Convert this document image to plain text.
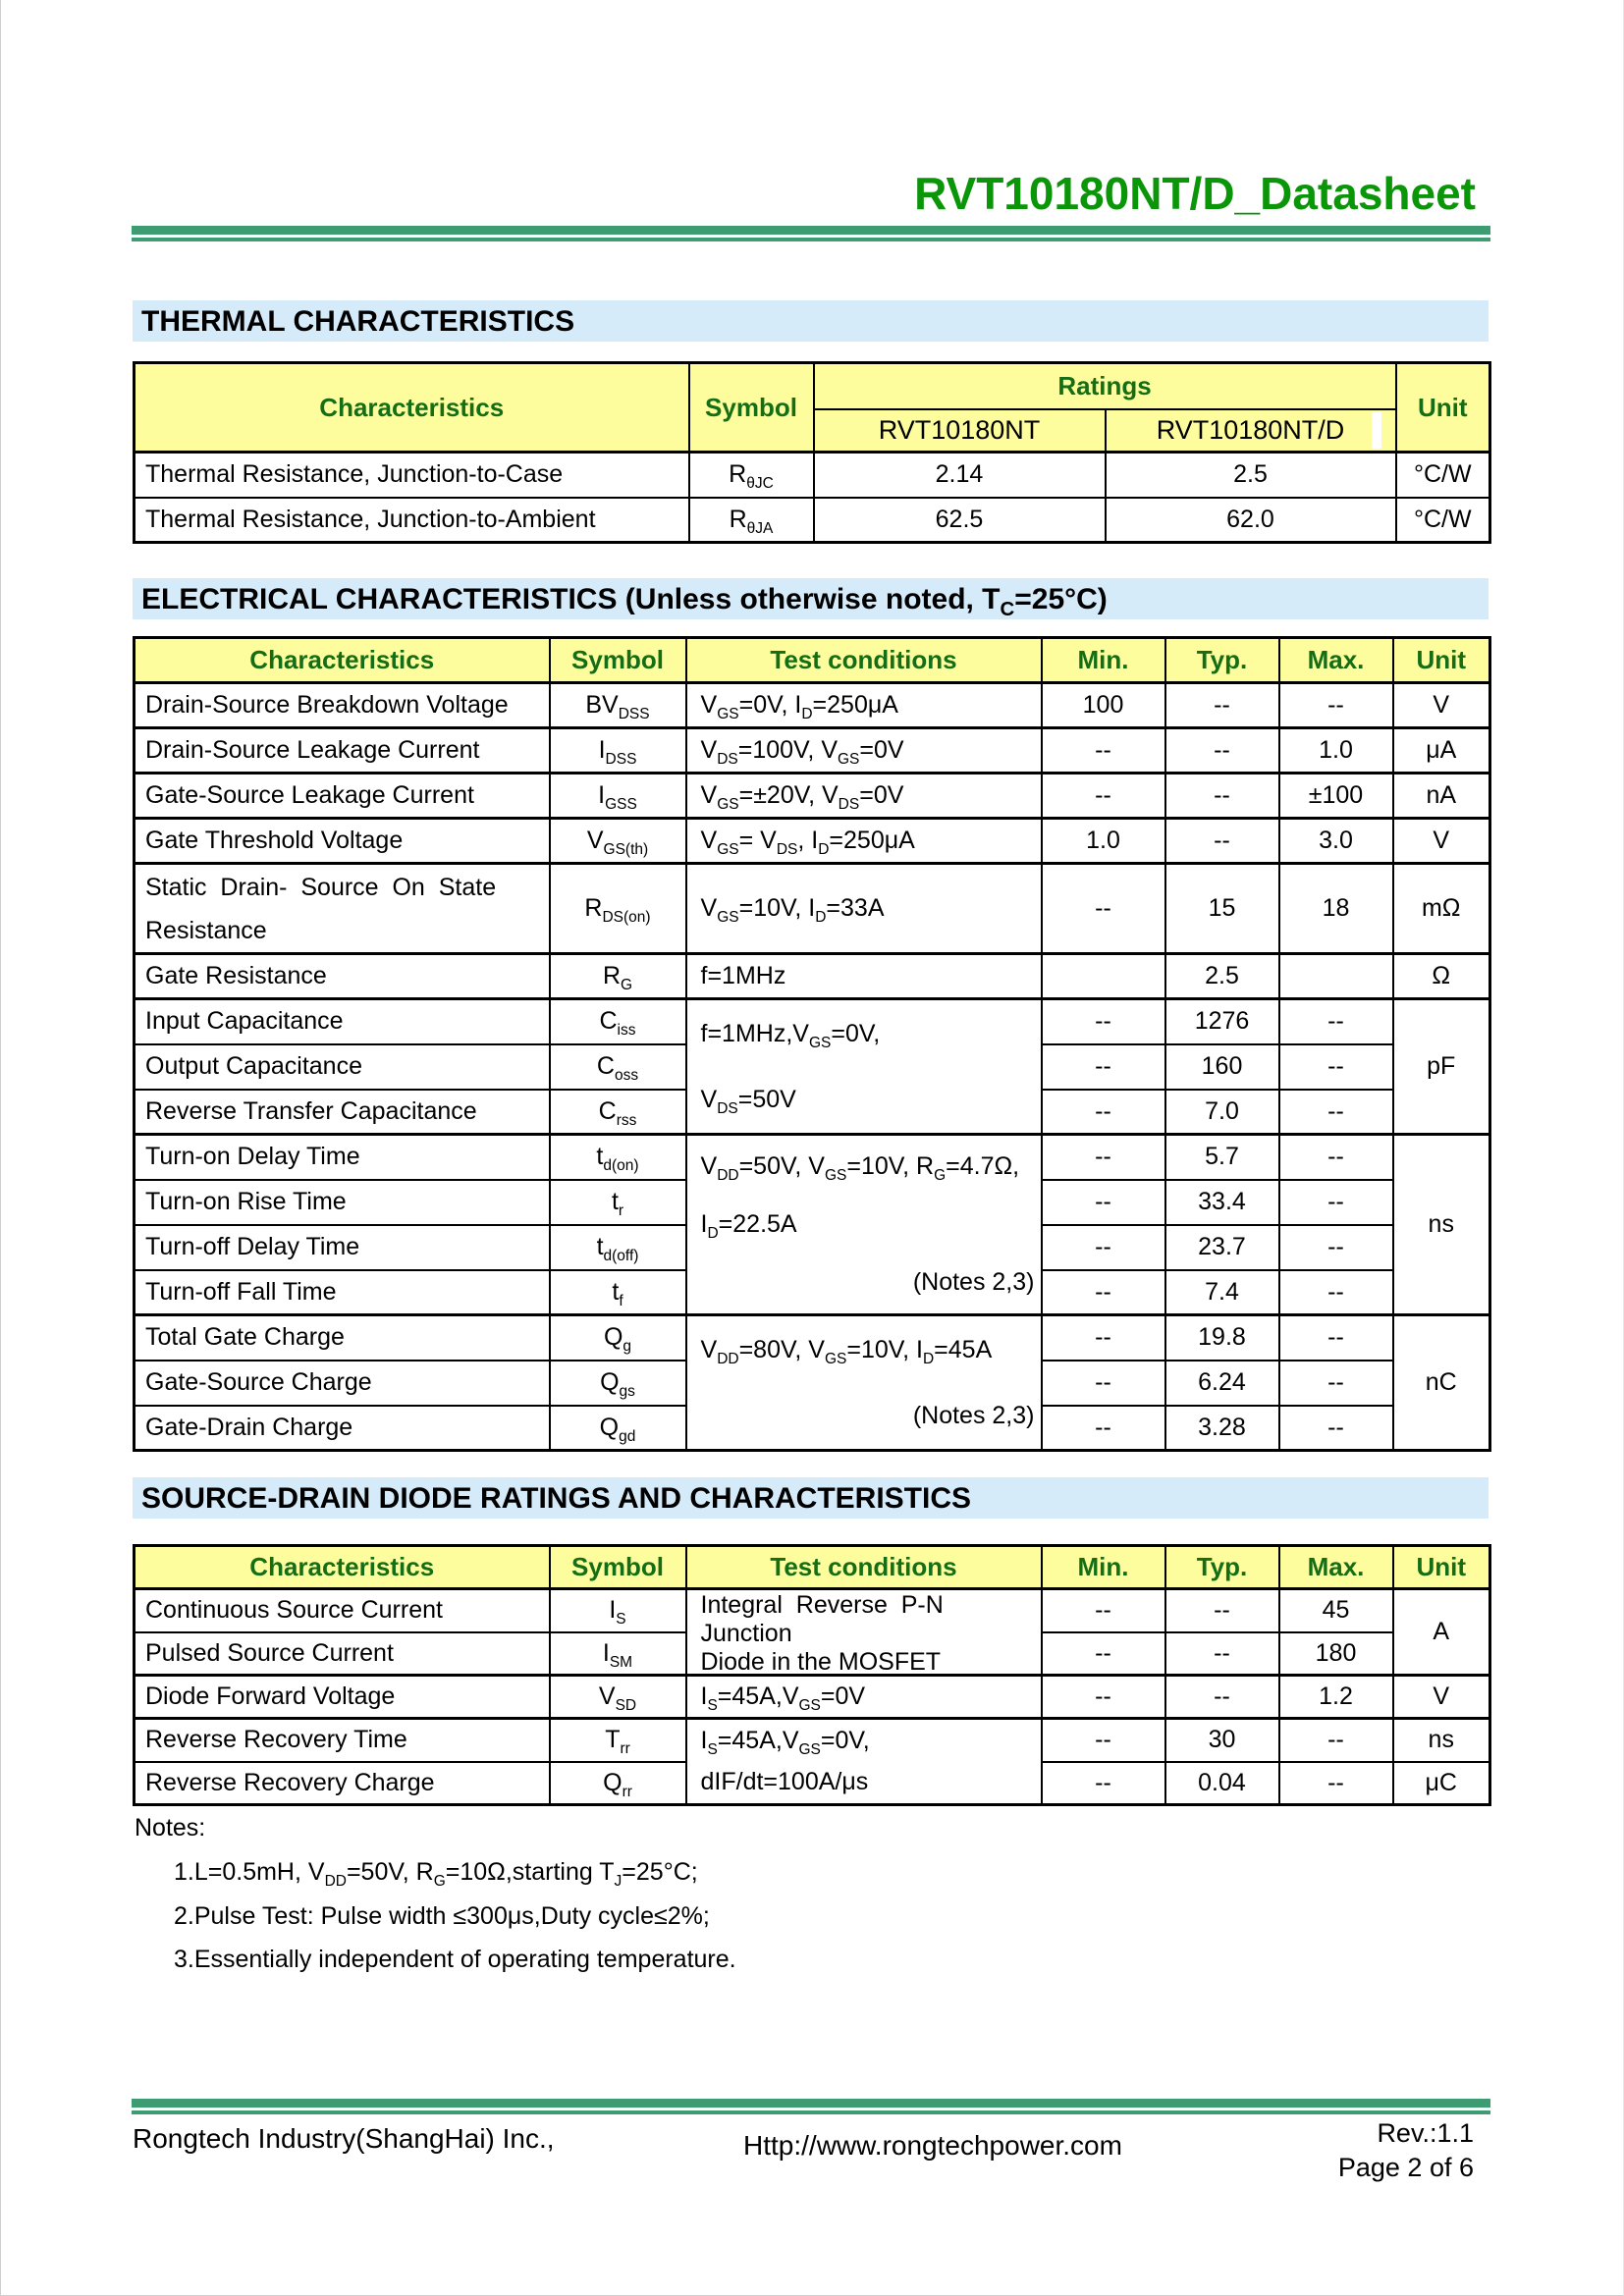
RVT10180NT/D_Datasheet
THERMAL CHARACTERISTICS
Characteristics	Symbol	Ratings		Unit
		RVT10180NT	RVT10180NT/D	

Thermal Resistance, Junction-to-Case	$R_{\theta JC}$	2.14	2.5	°C/W
Thermal Resistance, Junction-to-Ambient	$R_{\theta JA}$	62.5	62.0	°C/W
ELECTRICAL CHARACTERISTICS (Unless otherwise noted, $T_C=25^\circ C$)
Characteristics	Symbol	Test conditions	Min.	Typ.	Max.	Unit
Drain-Source Breakdown Voltage	$BV_{DSS}$	$V_{GS}=0V$, $I_D=250\mu A$	100	--	--	V
Drain-Source Leakage Current	$I_{DSS}$	$V_{DS}=100V$, $V_{GS}=0V$	--	--	1.0	μA
Gate-Source Leakage Current	$I_{GSS}$	$V_{GS}=\pm 20V$, $V_{DS}=0V$	--	--	±100	nA
Gate Threshold Voltage	$V_{GS(th)}$	$V_{GS}= V_{DS}$, $I_D=250\mu A$	1.0	--	3.0	V
Static  Drain-  Source  On  State
Resistance	$R_{DS(on)}$	$V_{GS}=10V$, $I_D=33A$	--	15	18	mΩ
Gate Resistance	$R_G$	f=1MHz		2.5		Ω
Input Capacitance	$C_{iss}$	$f=1MHz,V_{GS}=0V$,
$V_{DS}=50V$	--	1276	--	pF
Output Capacitance	$C_{oss}$		--	160	--	
Reverse Transfer Capacitance	$C_{rss}$		--	7.0	--	
Turn-on Delay Time	$t_{d(on)}$	$V_{DD}=50V$, $V_{GS}=10V$, $R_G=4.7\Omega$,
$I_D=22.5A$
(Notes 2,3)	--	5.7	--	ns
Turn-on Rise Time	$t_r$		--	33.4	--	
Turn-off Delay Time	$t_{d(off)}$		--	23.7	--	
Turn-off Fall Time	$t_f$		--	7.4	--	
Total Gate Charge	$Q_g$	$V_{DD}=80V$, $V_{GS}=10V$, $I_D=45A$
(Notes 2,3)	--	19.8	--	nC
Gate-Source Charge	$Q_{gs}$		--	6.24	--	
Gate-Drain Charge	$Q_{gd}$		--	3.28	--	
SOURCE-DRAIN DIODE RATINGS AND CHARACTERISTICS
Characteristics	Symbol	Test conditions	Min.	Typ.	Max.	Unit
Continuous Source Current	$I_S$	Integral  Reverse  P-N  Junction
Diode in the MOSFET	--	--	45	A
Pulsed Source Current	$I_{SM}$		--	--	180	
Diode Forward Voltage	$V_{SD}$	$I_S=45A,V_{GS}=0V$	--	--	1.2	V
Reverse Recovery Time	$T_{rr}$	$I_S=45A,V_{GS}=0V$,
dIF/dt=100A/μs	--	30	--	ns
Reverse Recovery Charge	$Q_{rr}$		--	0.04	--	μC
Notes:
1.L=0.5mH, $V_{DD}=50V$, $R_G=10\Omega,starting$ $T_J=25^\circ C$;
2.Pulse Test: Pulse width ≤300μs,Duty cycle≤2%;
3.Essentially independent of operating temperature.
Rongtech Industry(ShangHai) Inc.,	Http://www.rongtechpower.com	Rev.:1.1
Page 2 of 6
